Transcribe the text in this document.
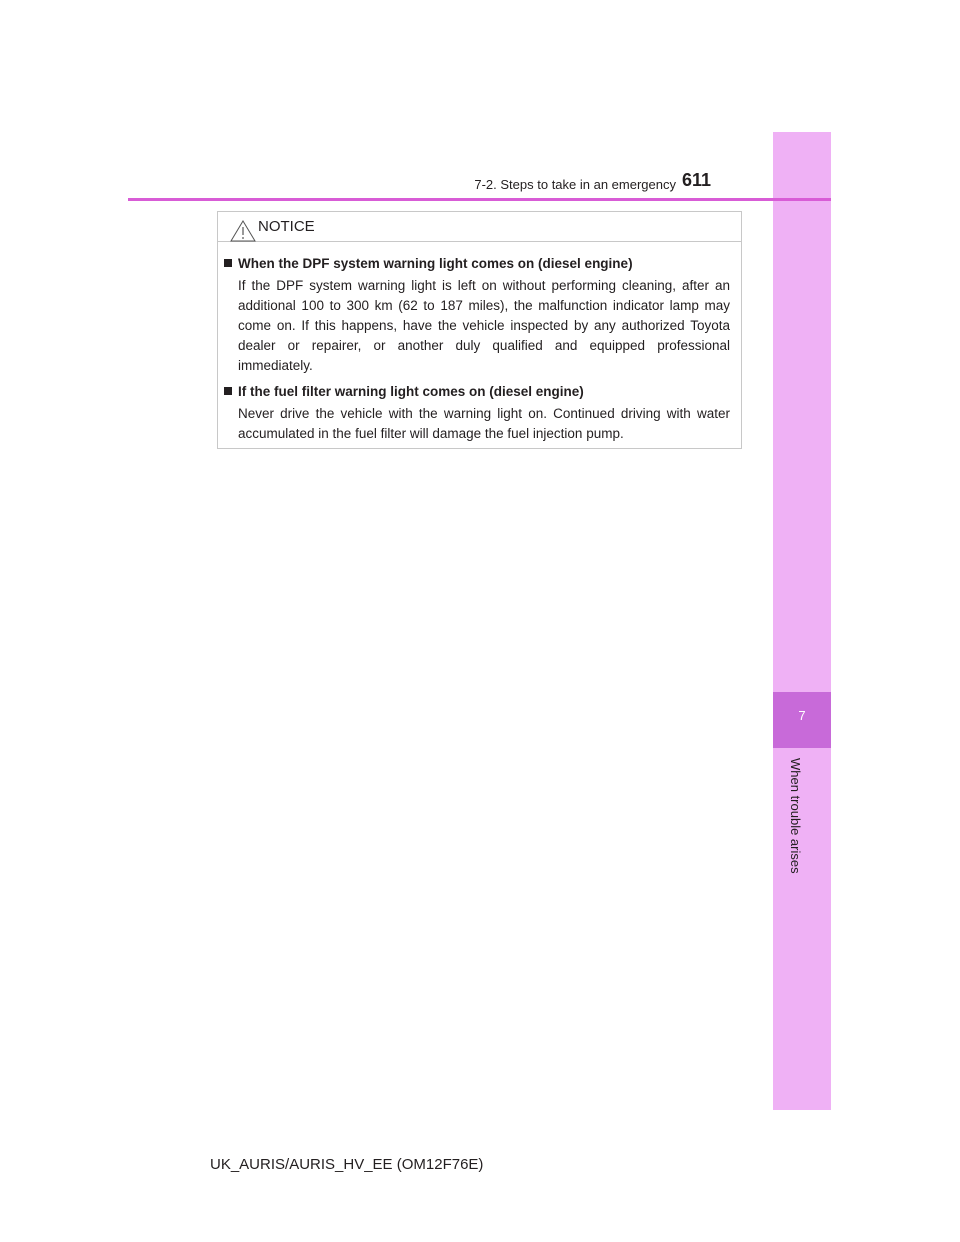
7
When trouble arises
7-2. Steps to take in an emergency 611
NOTICE
When the DPF system warning light comes on (diesel engine)
If the DPF system warning light is left on without performing cleaning, after an additional 100 to 300 km (62 to 187 miles), the malfunction indicator lamp may come on. If this happens, have the vehicle inspected by any authorized Toyota dealer or repairer, or another duly qualified and equipped professional immediately.
If the fuel filter warning light comes on (diesel engine)
Never drive the vehicle with the warning light on. Continued driving with water accumulated in the fuel filter will damage the fuel injection pump.
UK_AURIS/AURIS_HV_EE (OM12F76E)
